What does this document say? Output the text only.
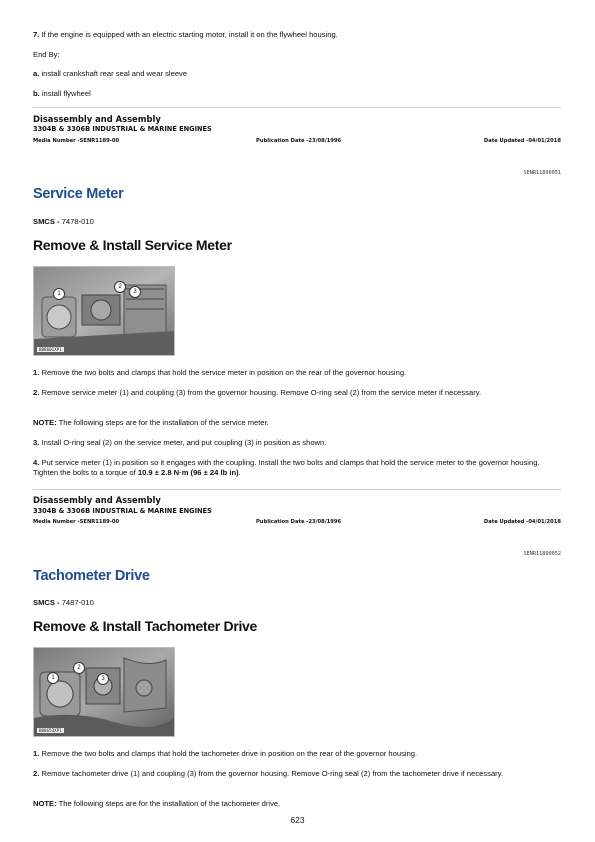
7. If the engine is equipped with an electric starting motor, install it on the flywheel housing.

End By:

a. install crankshaft rear seal and wear sleeve

b. install flywheel

Disassembly and Assembly
3304B & 3306B INDUSTRIAL & MARINE ENGINES
Media Number -SENR1189-00	Publication Date -23/08/1996	Date Updated -04/01/2018
SENR11890051
Service Meter
SMCS - 7478-010
Remove & Install Service Meter
1
2
3
B88601XP1

1. Remove the two bolts and clamps that hold the service meter in position on the rear of the governor housing.

2. Remove service meter (1) and coupling (3) from the governor housing. Remove O-ring seal (2) from the service meter if necessary.

NOTE: The following steps are for the installation of the service meter.

3. Install O-ring seal (2) on the service meter, and put coupling (3) in position as shown.

4. Put service meter (1) in position so it engages with the coupling. Install the two bolts and clamps that hold the service meter to the governor housing. Tighten the bolts to a torque of 10.9 ± 2.8 N·m (96 ± 24 lb in).

Disassembly and Assembly
3304B & 3306B INDUSTRIAL & MARINE ENGINES
Media Number -SENR1189-00	Publication Date -23/08/1996	Date Updated -04/01/2018
SENR11890052
Tachometer Drive
SMCS - 7487-010
Remove & Install Tachometer Drive
1
2
3
B88653XP1

1. Remove the two bolts and clamps that hold the tachometer drive in position on the rear of the governor housing.

2. Remove tachometer drive (1) and coupling (3) from the governor housing. Remove O-ring seal (2) from the tachometer drive if necessary.

NOTE: The following steps are for the installation of the tachometer drive.

623
